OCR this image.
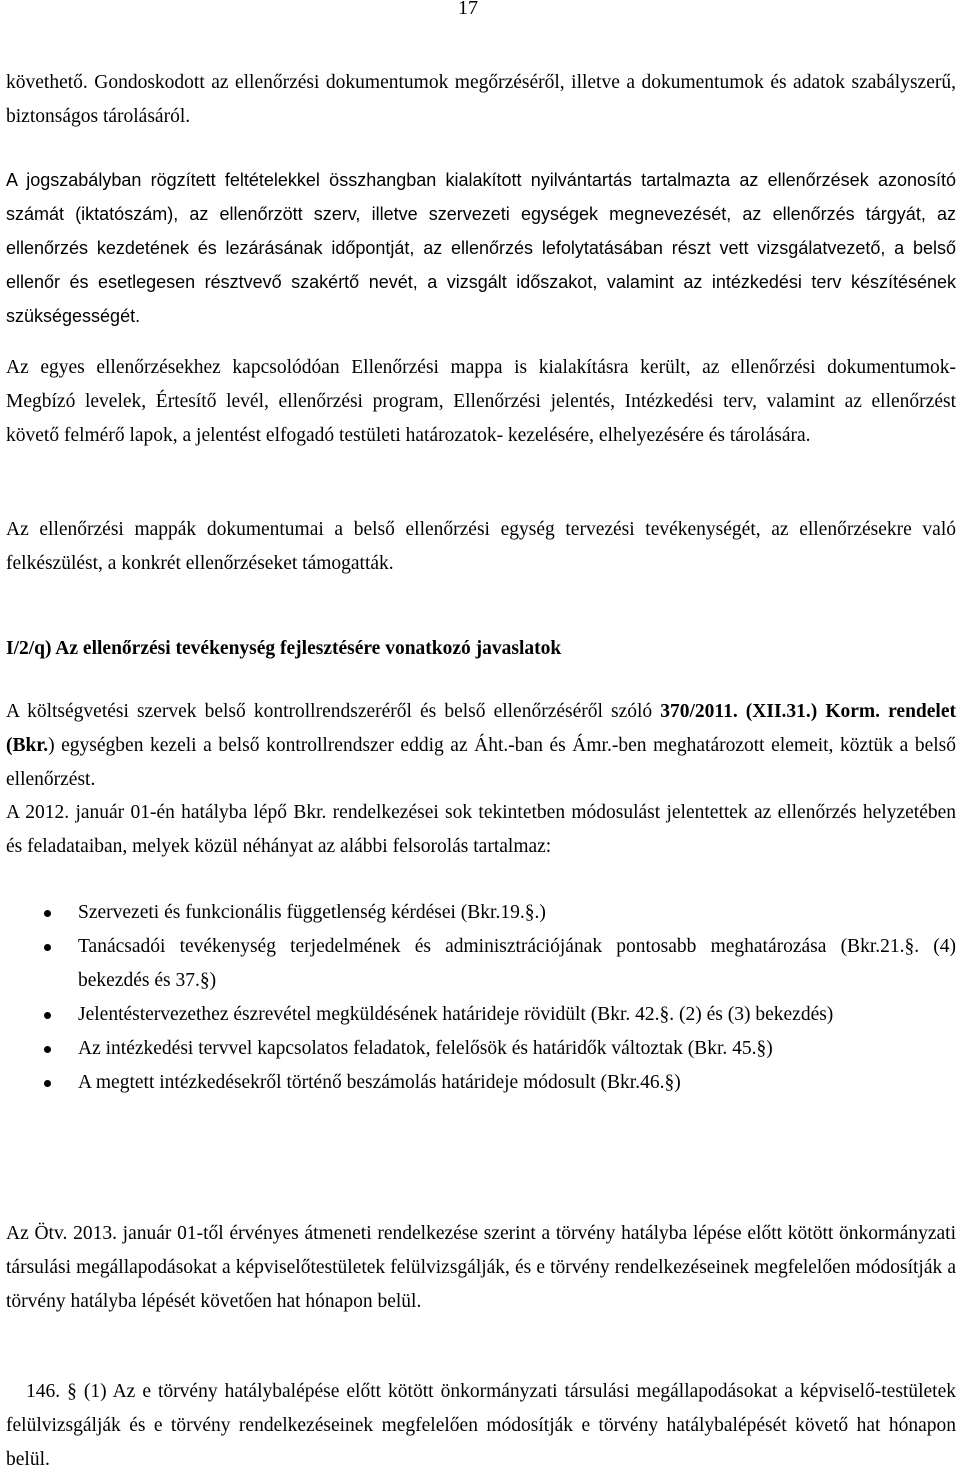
17

követhető. Gondoskodott az ellenőrzési dokumentumok megőrzéséről, illetve a dokumentumok és adatok szabályszerű, biztonságos tárolásáról.

A jogszabályban rögzített feltételekkel összhangban kialakított nyilvántartás tartalmazta az ellenőrzések azonosító számát (iktatószám), az ellenőrzött szerv, illetve szervezeti egységek megnevezését, az ellenőrzés tárgyát, az ellenőrzés kezdetének és lezárásának időpontját, az ellenőrzés lefolytatásában részt vett vizsgálatvezető, a belső ellenőr és esetlegesen résztvevő szakértő nevét, a vizsgált időszakot, valamint az intézkedési terv készítésének szükségességét.

Az egyes ellenőrzésekhez kapcsolódóan Ellenőrzési mappa is kialakításra került, az ellenőrzési dokumentumok- Megbízó levelek, Értesítő levél, ellenőrzési program, Ellenőrzési jelentés, Intézkedési terv, valamint az ellenőrzést követő felmérő lapok, a jelentést elfogadó testületi határozatok- kezelésére, elhelyezésére és tárolására.

Az ellenőrzési mappák dokumentumai a belső ellenőrzési egység tervezési tevékenységét, az ellenőrzésekre való felkészülést, a konkrét ellenőrzéseket támogatták.

I/2/q) Az ellenőrzési tevékenység fejlesztésére vonatkozó javaslatok

A költségvetési szervek belső kontrollrendszeréről és belső ellenőrzéséről szóló 370/2011. (XII.31.) Korm. rendelet (Bkr.) egységben kezeli a belső kontrollrendszer eddig az Áht.-ban és Ámr.-ben meghatározott elemeit, köztük a belső ellenőrzést.

A 2012. január 01-én hatályba lépő Bkr. rendelkezései sok tekintetben módosulást jelentettek az ellenőrzés helyzetében és feladataiban, melyek közül néhányat az alábbi felsorolás tartalmaz:

Szervezeti és funkcionális függetlenség kérdései (Bkr.19.§.)
Tanácsadói tevékenység terjedelmének és adminisztrációjának pontosabb meghatározása (Bkr.21.§. (4) bekezdés és 37.§)
Jelentéstervezethez észrevétel megküldésének határideje rövidült (Bkr. 42.§. (2) és (3) bekezdés)
Az intézkedési tervvel kapcsolatos feladatok, felelősök és határidők változtak (Bkr. 45.§)
A megtett intézkedésekről történő beszámolás határideje módosult (Bkr.46.§)

Az Ötv. 2013. január 01-től érvényes átmeneti rendelkezése szerint a törvény hatályba lépése előtt kötött önkormányzati társulási megállapodásokat a képviselőtestületek felülvizsgálják, és e törvény rendelkezéseinek megfelelően módosítják a törvény hatályba lépését követően hat hónapon belül.

146. § (1) Az e törvény hatálybalépése előtt kötött önkormányzati társulási megállapodásokat a képviselő-testületek felülvizsgálják és e törvény rendelkezéseinek megfelelően módosítják e törvény hatálybalépését követő hat hónapon belül.
